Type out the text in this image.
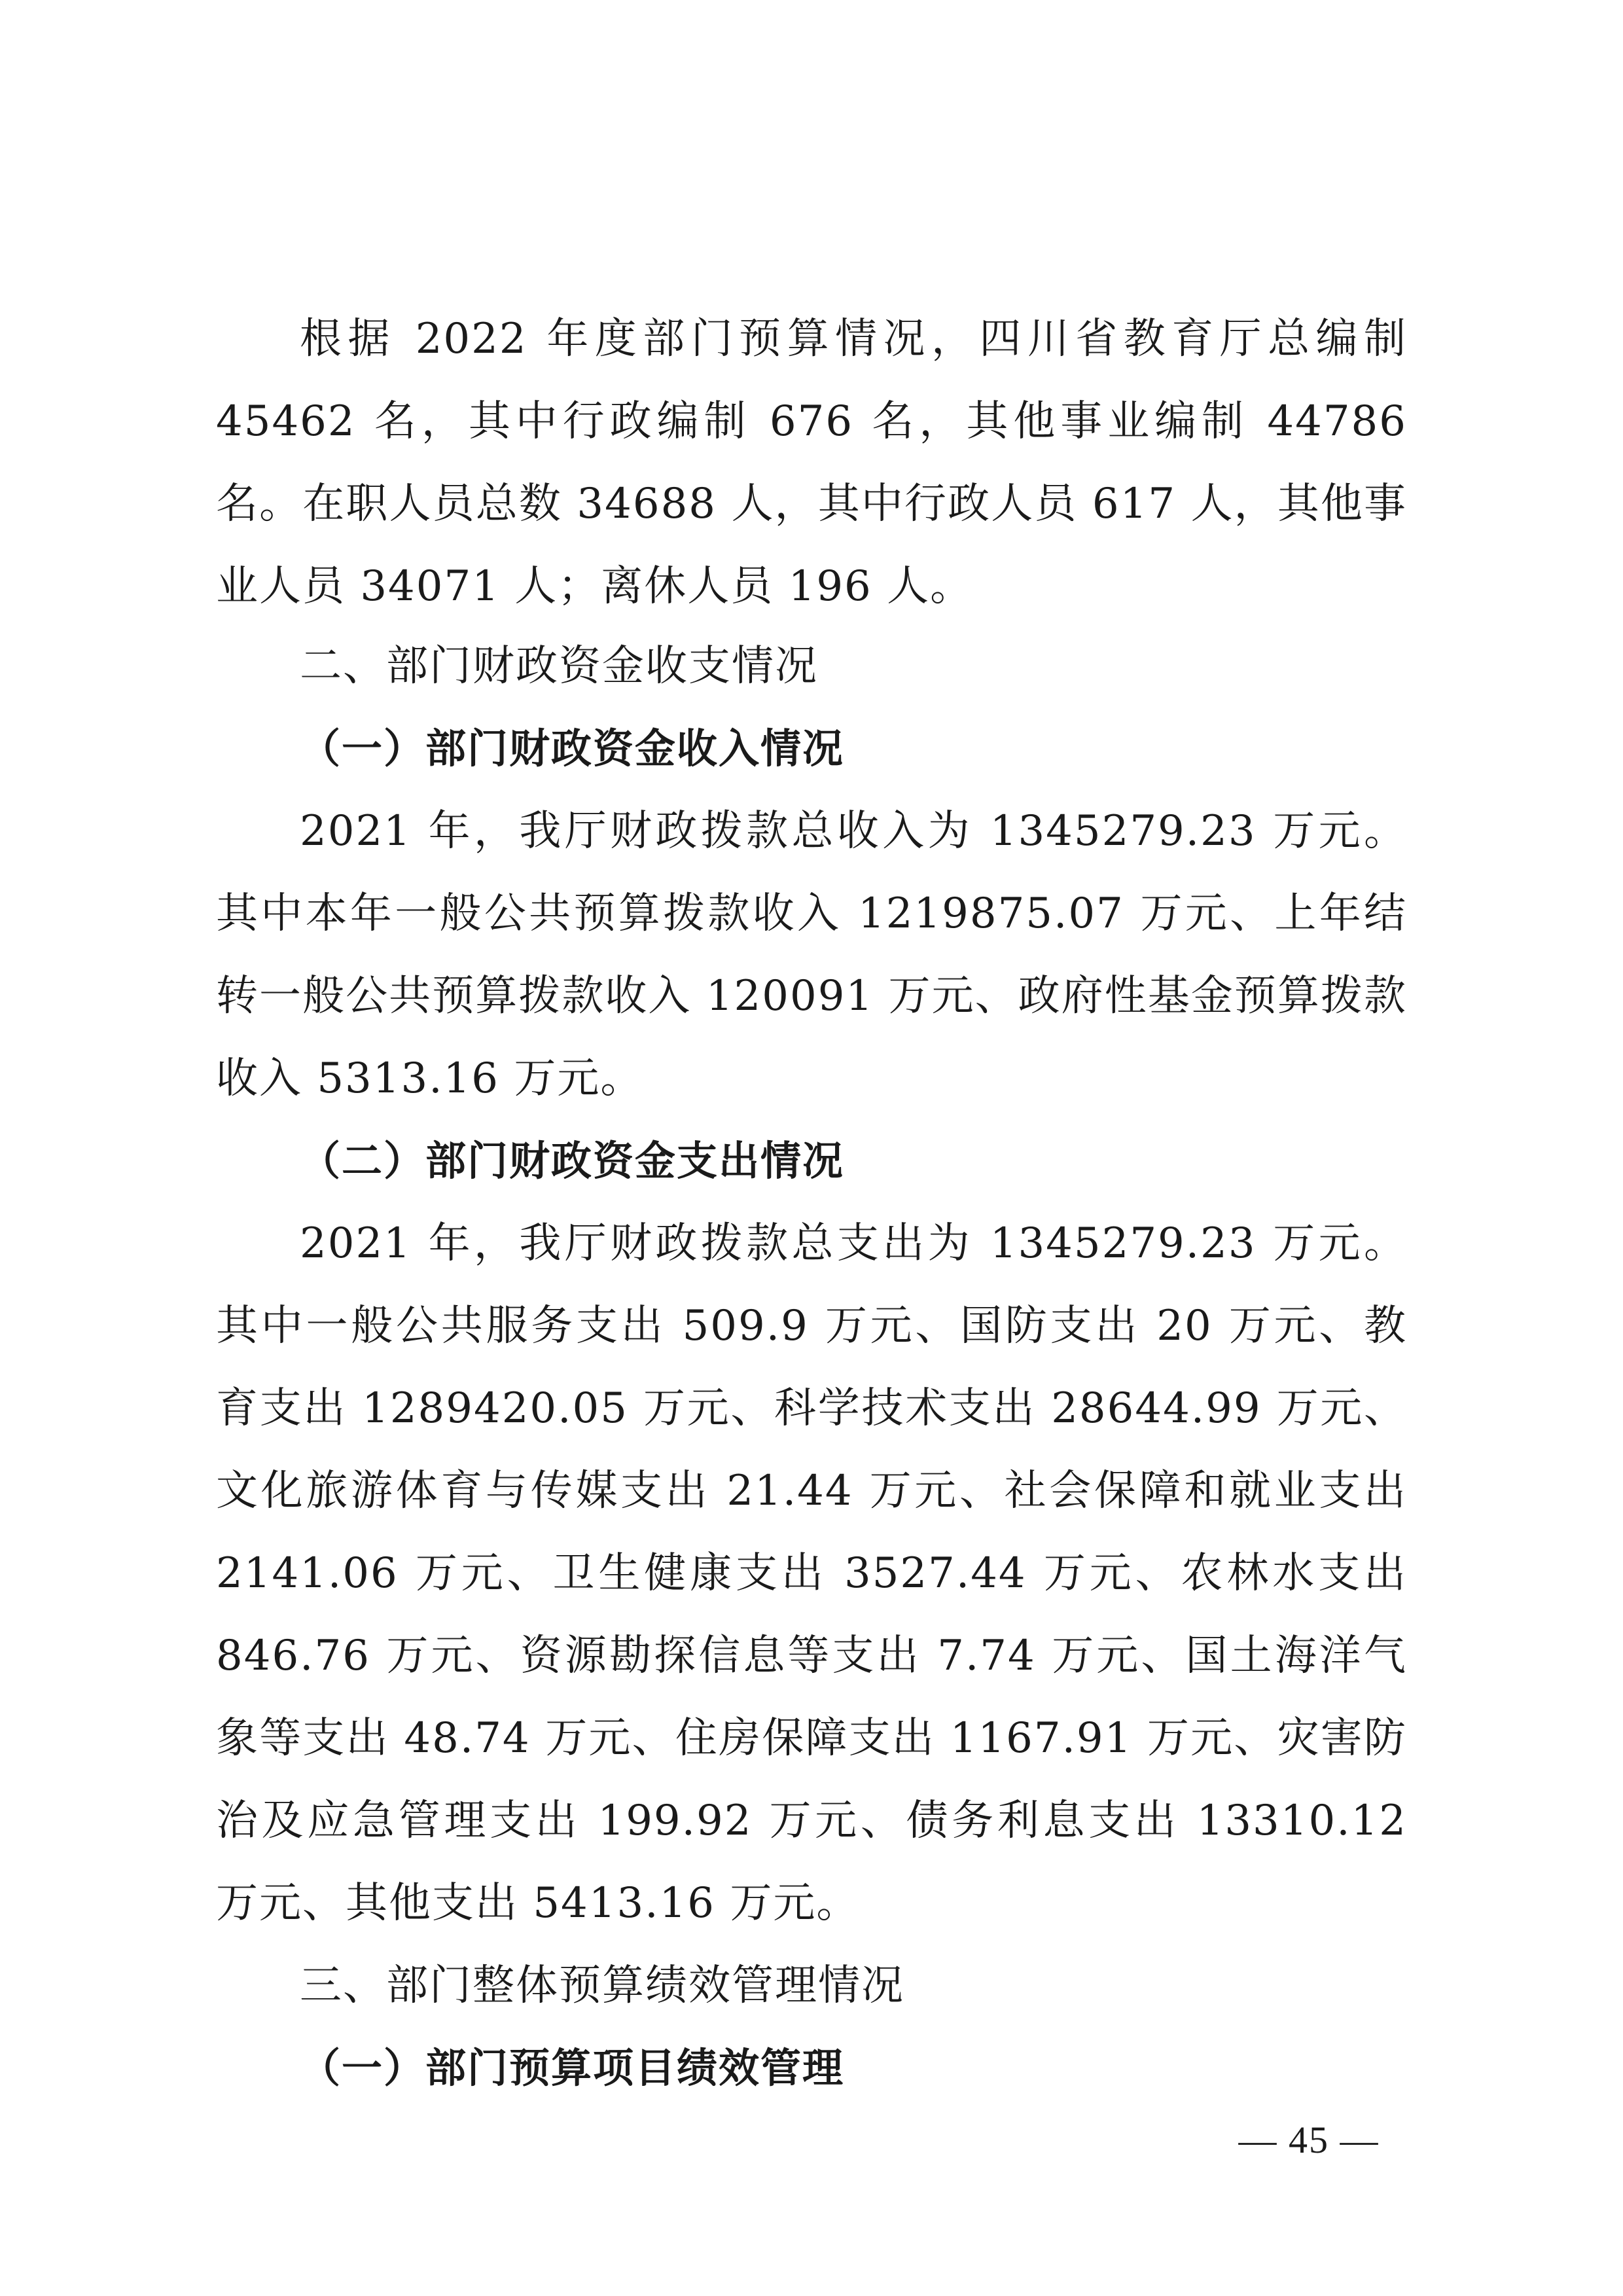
根据 2022 年度部门预算情况，四川省教育厅总编制 45462 名，其中行政编制 676 名，其他事业编制 44786 名。在职人员总数 34688 人，其中行政人员 617 人，其他事业人员 34071 人；离休人员 196 人。

二、部门财政资金收支情况

（一）部门财政资金收入情况

2021 年，我厅财政拨款总收入为 1345279.23 万元。其中本年一般公共预算拨款收入 1219875.07 万元、上年结转一般公共预算拨款收入 120091 万元、政府性基金预算拨款收入 5313.16 万元。

（二）部门财政资金支出情况

2021 年，我厅财政拨款总支出为 1345279.23 万元。其中一般公共服务支出 509.9 万元、国防支出 20 万元、教育支出 1289420.05 万元、科学技术支出 28644.99 万元、文化旅游体育与传媒支出 21.44 万元、社会保障和就业支出 2141.06 万元、卫生健康支出 3527.44 万元、农林水支出 846.76 万元、资源勘探信息等支出 7.74 万元、国土海洋气象等支出 48.74 万元、住房保障支出 1167.91 万元、灾害防治及应急管理支出 199.92 万元、债务利息支出 13310.12 万元、其他支出 5413.16 万元。

三、部门整体预算绩效管理情况

（一）部门预算项目绩效管理

— 45 —
